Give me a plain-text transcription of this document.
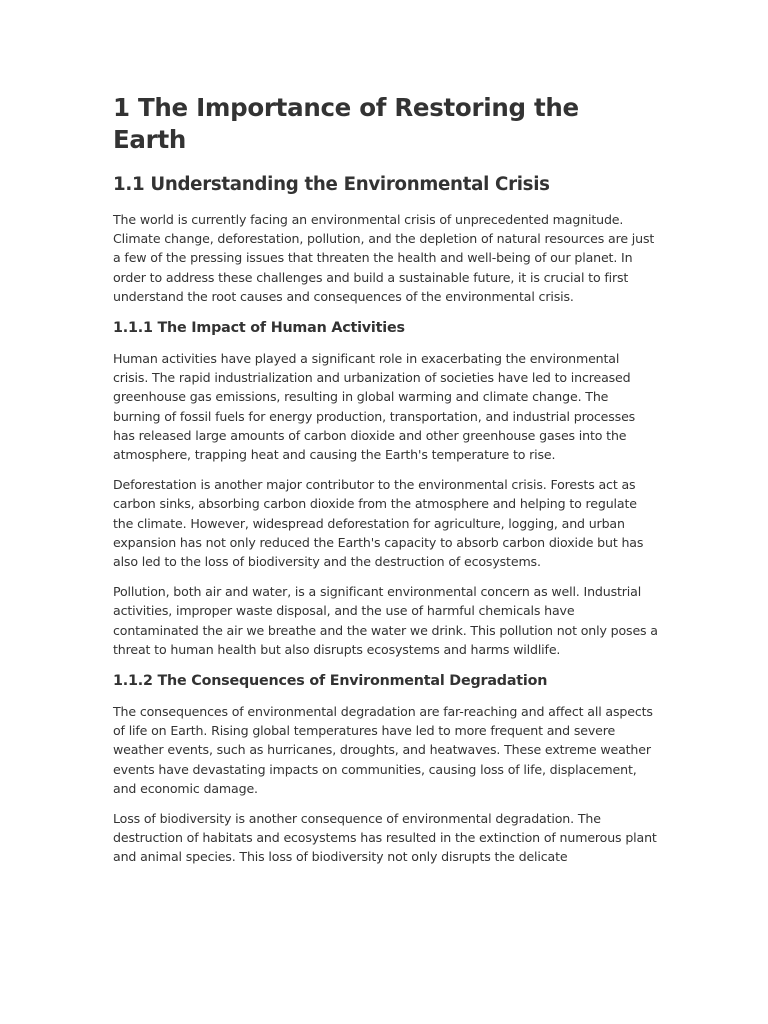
1 The Importance of Restoring the Earth
1.1 Understanding the Environmental Crisis

The world is currently facing an environmental crisis of unprecedented magnitude. Climate change, deforestation, pollution, and the depletion of natural resources are just a few of the pressing issues that threaten the health and well-being of our planet. In order to address these challenges and build a sustainable future, it is crucial to first understand the root causes and consequences of the environmental crisis.

1.1.1 The Impact of Human Activities

Human activities have played a significant role in exacerbating the environmental crisis. The rapid industrialization and urbanization of societies have led to increased greenhouse gas emissions, resulting in global warming and climate change. The burning of fossil fuels for energy production, transportation, and industrial processes has released large amounts of carbon dioxide and other greenhouse gases into the atmosphere, trapping heat and causing the Earth's temperature to rise.

Deforestation is another major contributor to the environmental crisis. Forests act as carbon sinks, absorbing carbon dioxide from the atmosphere and helping to regulate the climate. However, widespread deforestation for agriculture, logging, and urban expansion has not only reduced the Earth's capacity to absorb carbon dioxide but has also led to the loss of biodiversity and the destruction of ecosystems.

Pollution, both air and water, is a significant environmental concern as well. Industrial activities, improper waste disposal, and the use of harmful chemicals have contaminated the air we breathe and the water we drink. This pollution not only poses a threat to human health but also disrupts ecosystems and harms wildlife.

1.1.2 The Consequences of Environmental Degradation

The consequences of environmental degradation are far-reaching and affect all aspects of life on Earth. Rising global temperatures have led to more frequent and severe weather events, such as hurricanes, droughts, and heatwaves. These extreme weather events have devastating impacts on communities, causing loss of life, displacement, and economic damage.

Loss of biodiversity is another consequence of environmental degradation. The destruction of habitats and ecosystems has resulted in the extinction of numerous plant and animal species. This loss of biodiversity not only disrupts the delicate
